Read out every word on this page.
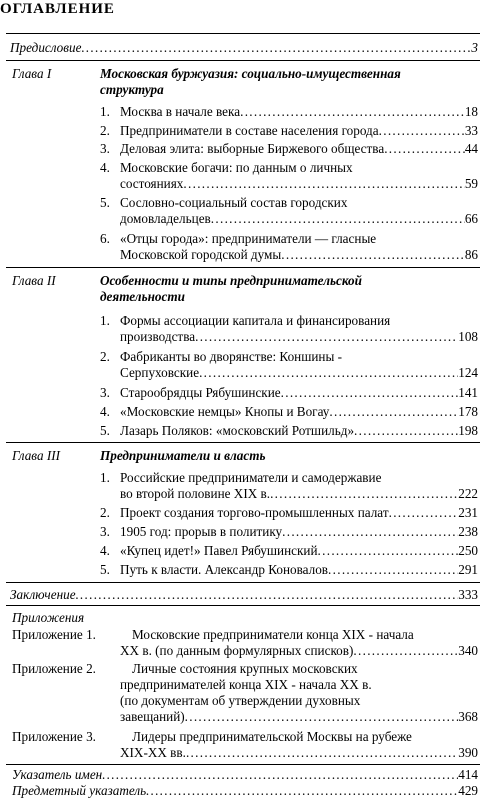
ОГЛАВЛЕНИЕ
Предисловие .....	3
Глава I	Московская буржуазия: социально-имущественная
структура
1. Москва в начале века .....	18
2. Предприниматели в составе населения города .....	33
3. Деловая элита: выборные Биржевого общества .....	44
4. Московские богачи: по данным о личных
состояниях .....	59
5. Сословно-социальный состав городских
домовладельцев .....	66
6. «Отцы города»: предприниматели — гласные
Московской городской думы .....	86
Глава II	Особенности и типы предпринимательской
деятельности
1. Формы ассоциации капитала и финансирования
производства .....	108
2. Фабриканты во дворянстве: Коншины -
Серпуховские .....	124
3. Старообрядцы Рябушинские .....	141
4. «Московские немцы» Кнопы и Вогау .....	178
5. Лазарь Поляков: «московский Ротшильд» .....	198
Глава III	Предприниматели и власть
1. Российские предприниматели и самодержавие
во второй половине XIX в. .....	222
2. Проект создания торгово-промышленных палат .....	231
3. 1905 год: прорыв в политику .....	238
4. «Купец идет!» Павел Рябушинский .....	250
5. Путь к власти. Александр Коновалов .....	291
Заключение .....	333
Приложения
Приложение 1.	Московские предприниматели конца XIX - начала
XX в. (по данным формулярных списков) .....	340
Приложение 2.	Личные состояния крупных московских
предпринимателей конца XIX - начала XX в.
(по документам об утверждении духовных
завещаний) .....	368
Приложение 3.	Лидеры предпринимательской Москвы на рубеже
XIX-XX вв. .....	390
Указатель имен .....	414
Предметный указатель .....	429
